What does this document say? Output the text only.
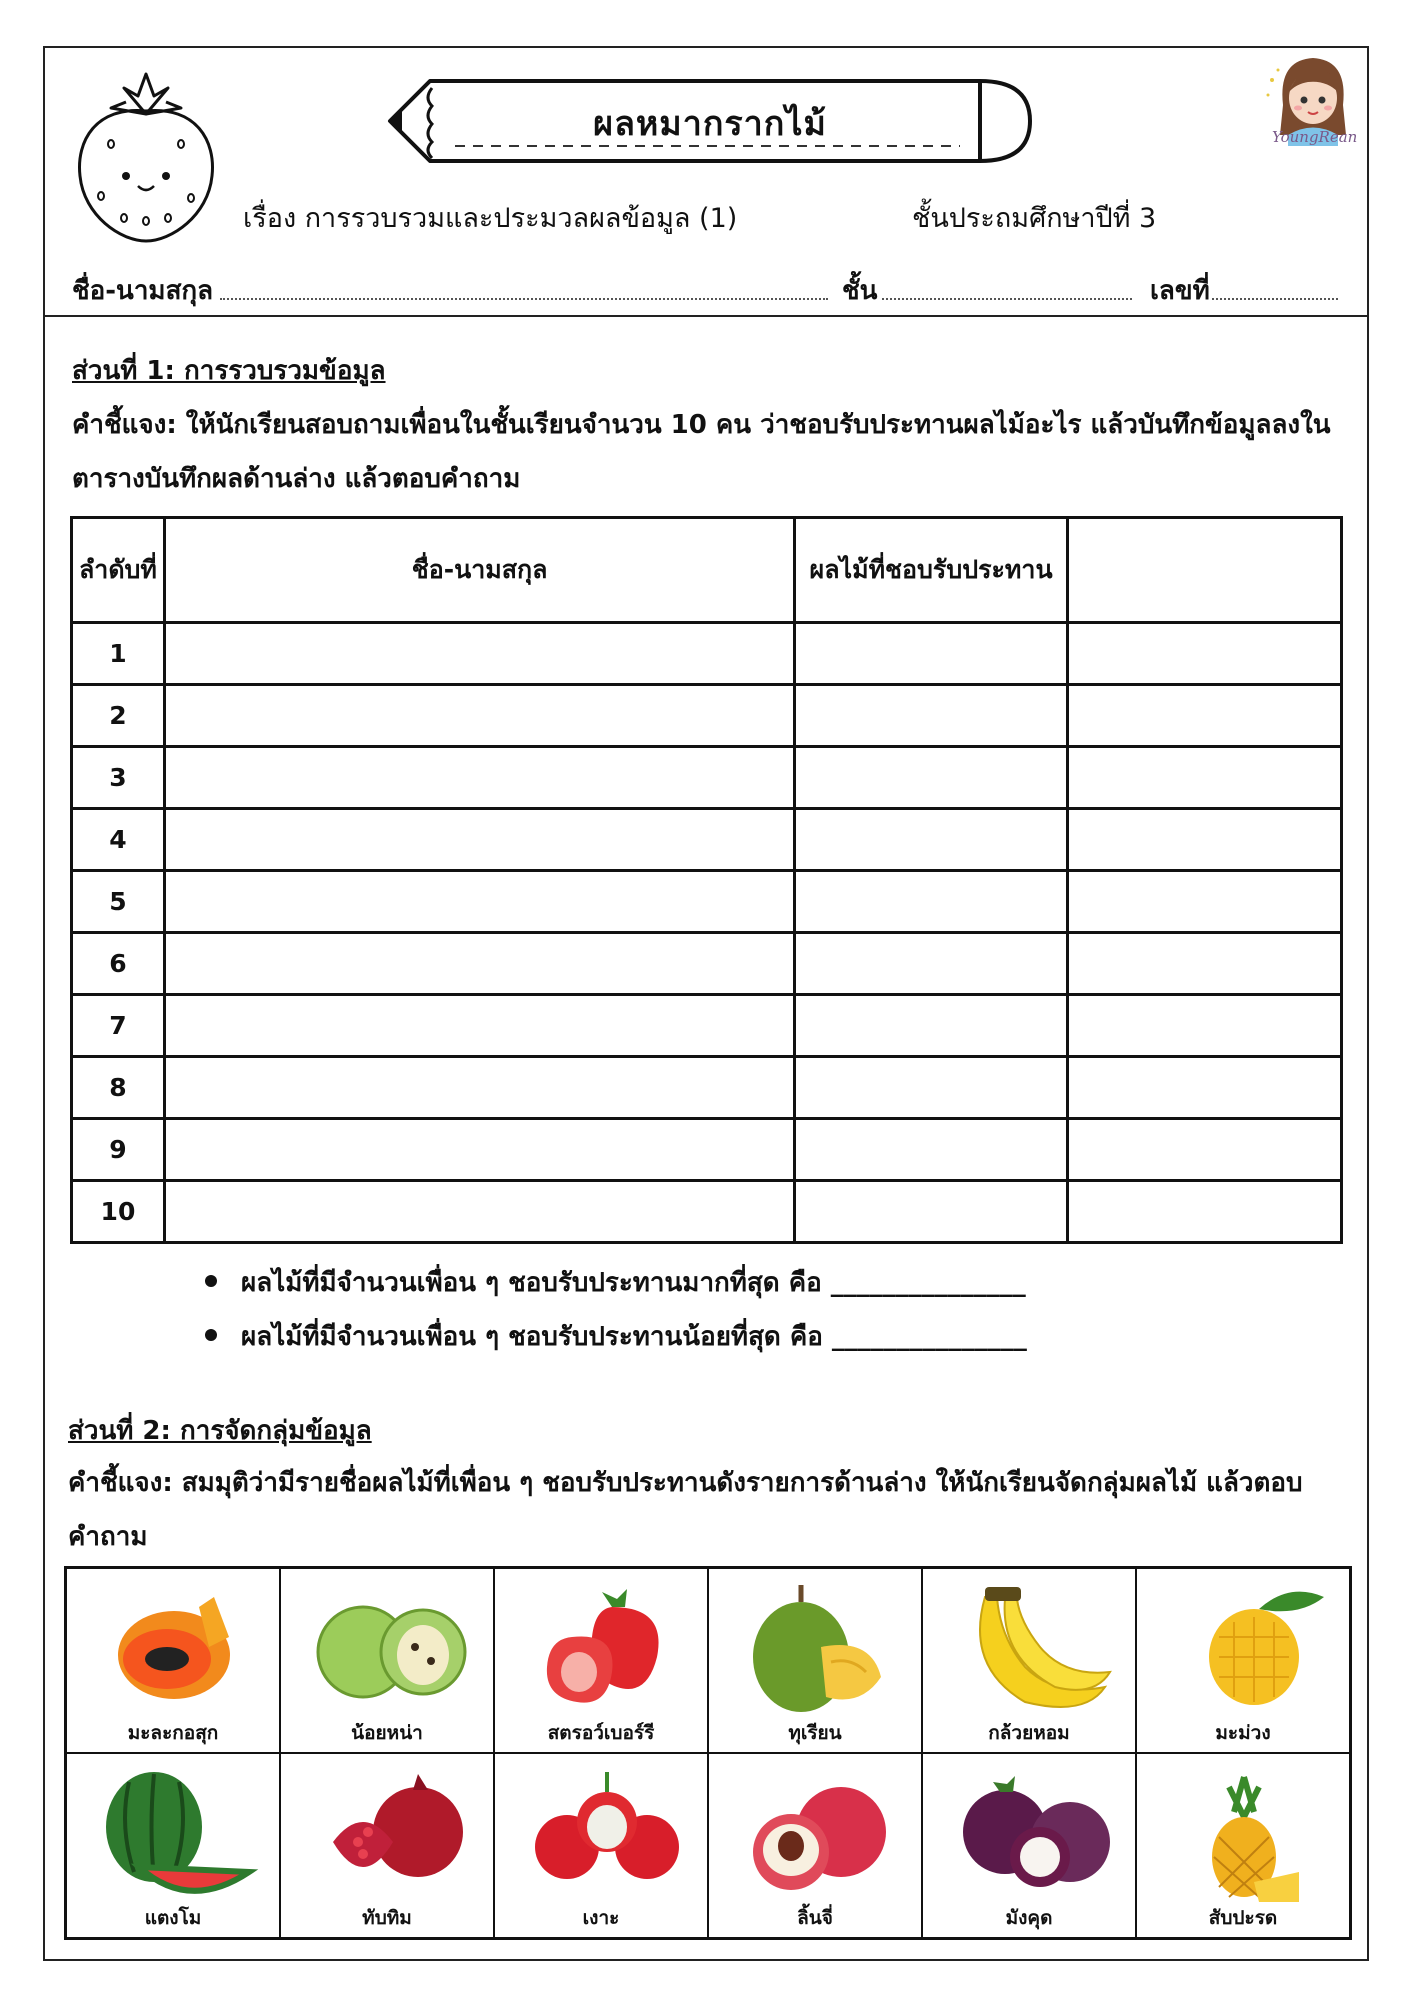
ผลหมากรากไม้
เรื่อง การรวบรวมและประมวลผลข้อมูล (1)	ชั้นประถมศึกษาปีที่ 3
YoungRean
ชื่อ-นามสกุล	ชั้น	เลขที่
ส่วนที่ 1: การรวบรวมข้อมูล
คำชี้แจง: ให้นักเรียนสอบถามเพื่อนในชั้นเรียนจำนวน 10 คน ว่าชอบรับประทานผลไม้อะไร แล้วบันทึกข้อมูลลงในตารางบันทึกผลด้านล่าง แล้วตอบคำถาม
ลำดับที่	ชื่อ-นามสกุล	ผลไม้ที่ชอบรับประทาน	
1			
2			
3			
4			
5			
6			
7			
8			
9			
10			
ผลไม้ที่มีจำนวนเพื่อน ๆ ชอบรับประทานมากที่สุด คือ _______________
ผลไม้ที่มีจำนวนเพื่อน ๆ ชอบรับประทานน้อยที่สุด คือ _______________
ส่วนที่ 2: การจัดกลุ่มข้อมูล
คำชี้แจง: สมมุติว่ามีรายชื่อผลไม้ที่เพื่อน ๆ ชอบรับประทานดังรายการด้านล่าง ให้นักเรียนจัดกลุ่มผลไม้ แล้วตอบคำถาม
มะละกอสุก	น้อยหน่า	สตรอว์เบอร์รี	ทุเรียน	กล้วยหอม	มะม่วง
แตงโม	ทับทิม	เงาะ	ลิ้นจี่	มังคุด	สับปะรด
